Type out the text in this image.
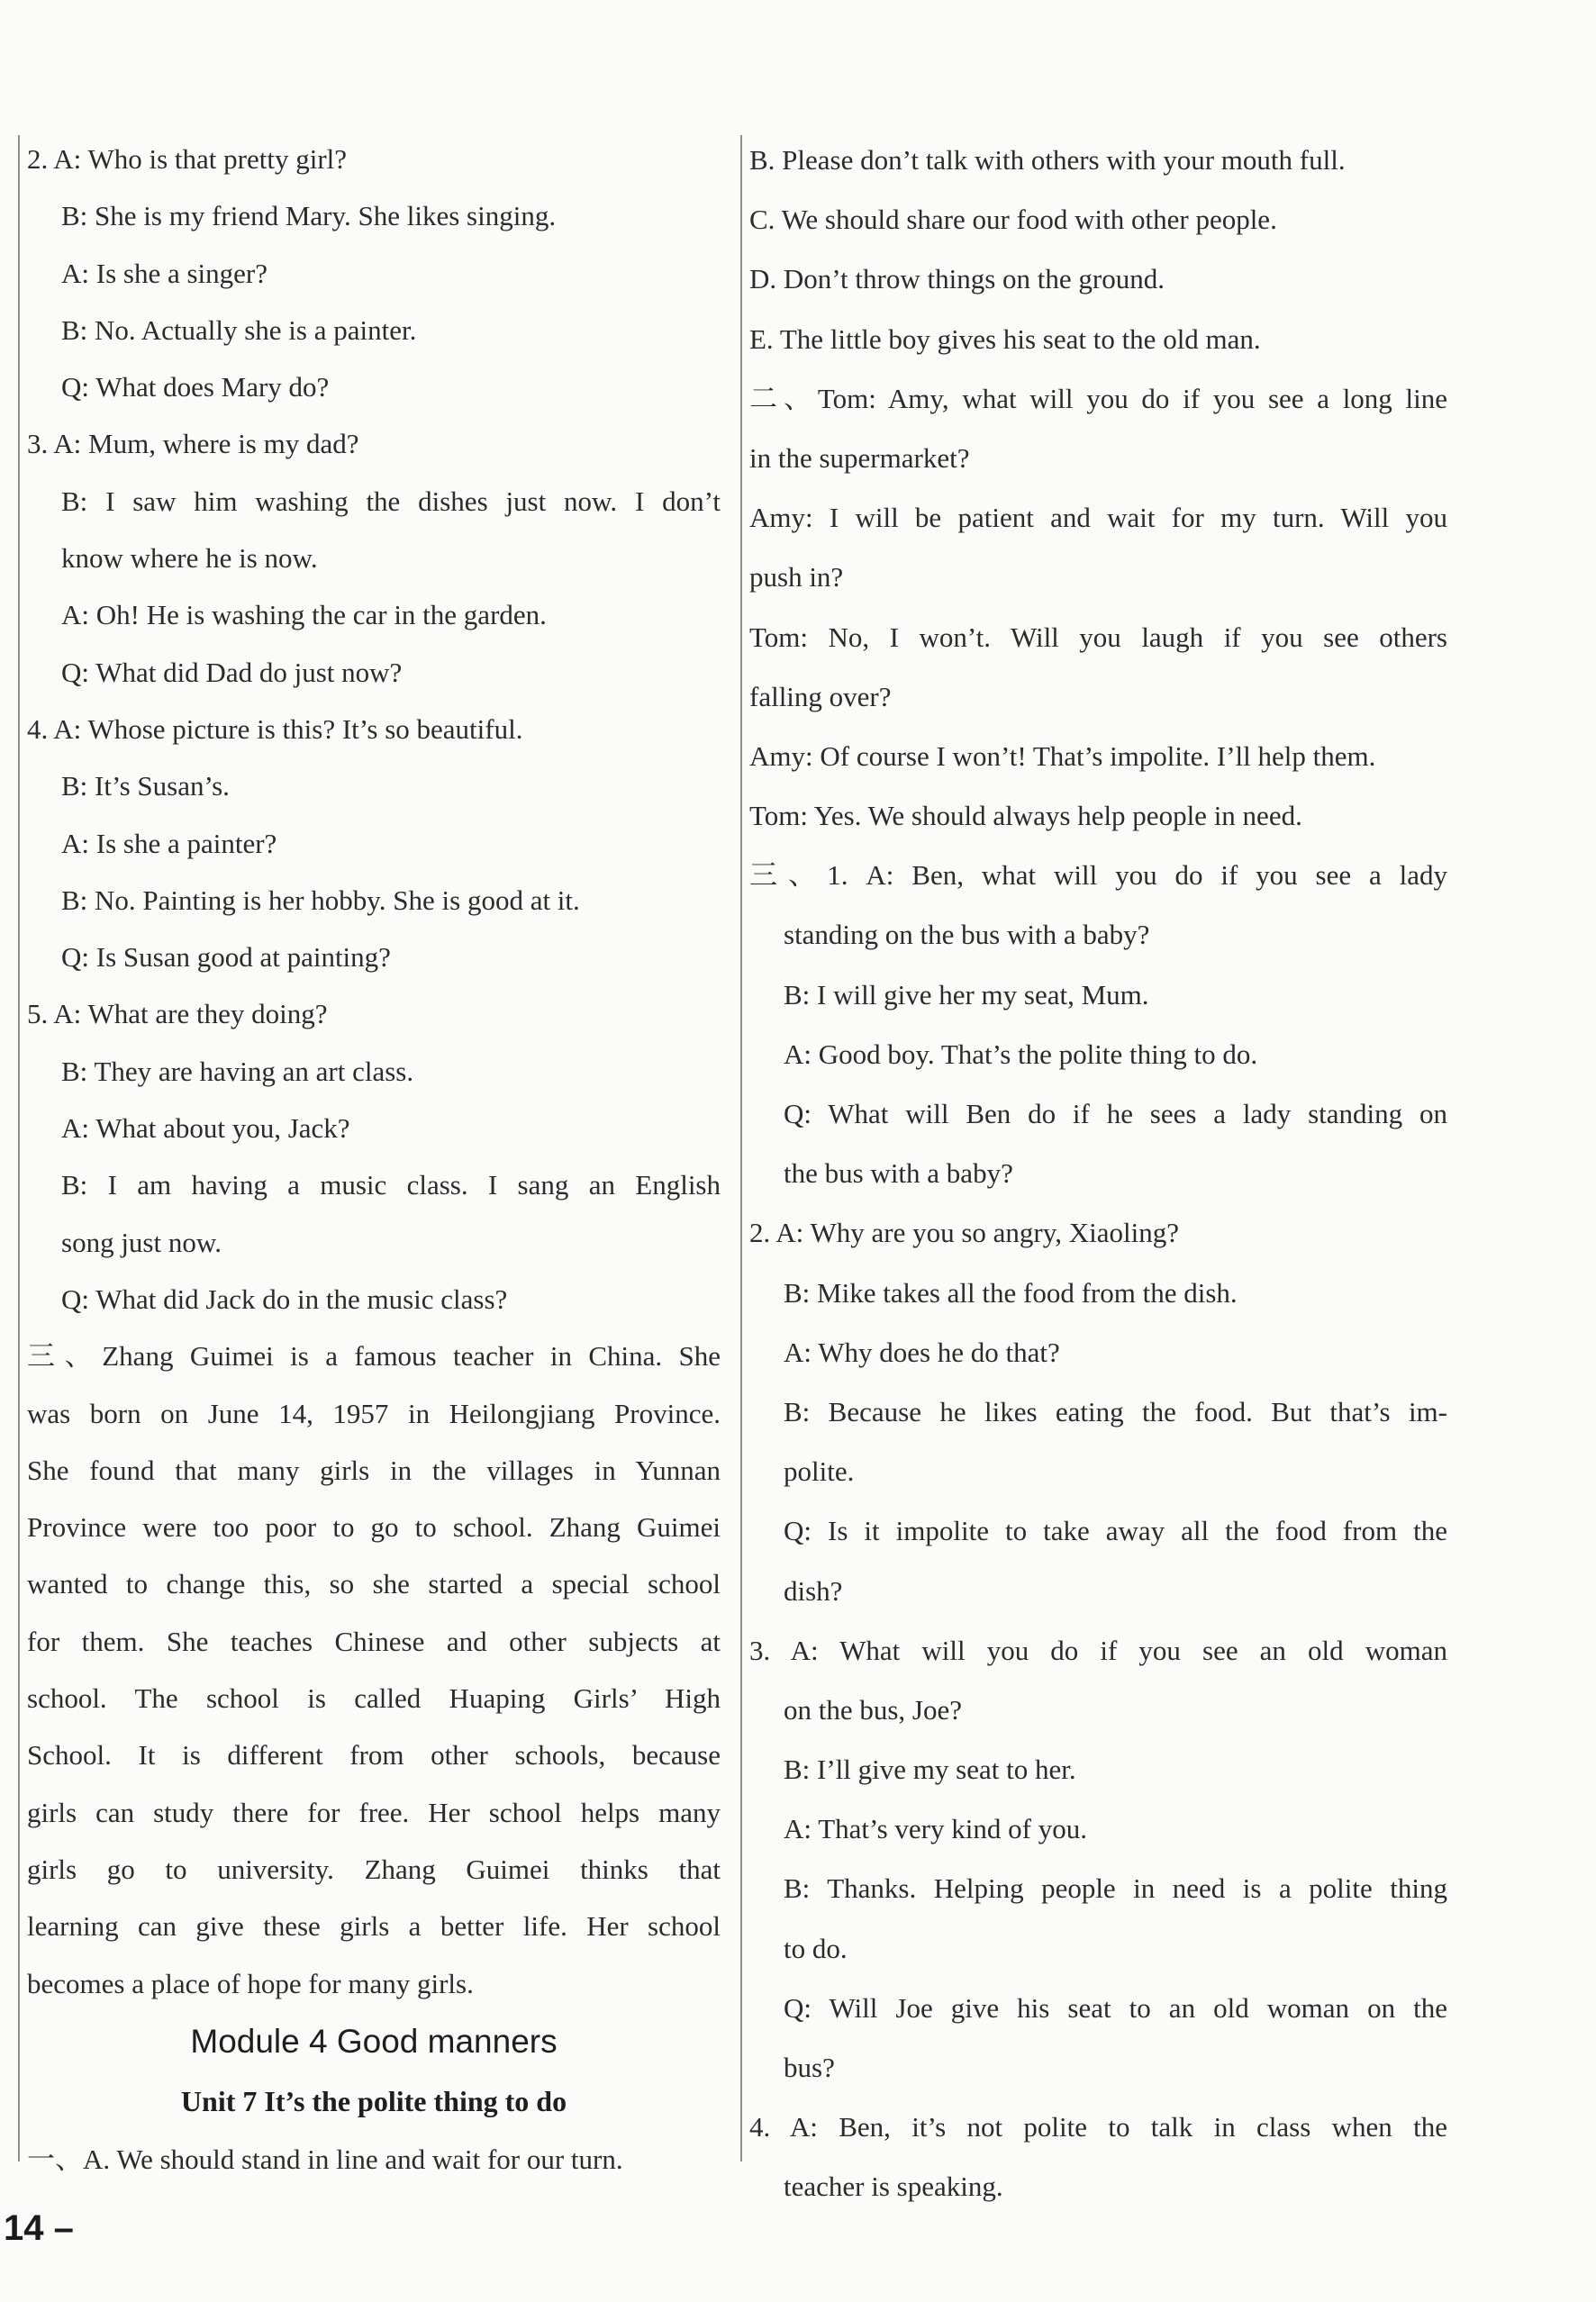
2. A: Who is that pretty girl?
B: She is my friend Mary. She likes singing.
A: Is she a singer?
B: No. Actually she is a painter.
Q: What does Mary do?
3. A: Mum, where is my dad?
B: I saw him washing the dishes just now. I don’t
know where he is now.
A: Oh! He is washing the car in the garden.
Q: What did Dad do just now?
4. A: Whose picture is this? It’s so beautiful.
B: It’s Susan’s.
A: Is she a painter?
B: No. Painting is her hobby. She is good at it.
Q: Is Susan good at painting?
5. A: What are they doing?
B: They are having an art class.
A: What about you, Jack?
B: I am having a music class. I sang an English
song just now.
Q: What did Jack do in the music class?
三、Zhang Guimei is a famous teacher in China. She
was born on June 14, 1957 in Heilongjiang Province.
She found that many girls in the villages in Yunnan
Province were too poor to go to school. Zhang Guimei
wanted to change this, so she started a special school
for them. She teaches Chinese and other subjects at
school. The school is called Huaping Girls’ High
School. It is different from other schools, because
girls can study there for free. Her school helps many
girls go to university. Zhang Guimei thinks that
learning can give these girls a better life. Her school
becomes a place of hope for many girls.
Module 4 Good manners
Unit 7 It’s the polite thing to do
一、A. We should stand in line and wait for our turn.
B. Please don’t talk with others with your mouth full.
C. We should share our food with other people.
D. Don’t throw things on the ground.
E. The little boy gives his seat to the old man.
二、Tom: Amy, what will you do if you see a long line
in the supermarket?
Amy: I will be patient and wait for my turn. Will you
push in?
Tom: No, I won’t. Will you laugh if you see others
falling over?
Amy: Of course I won’t! That’s impolite. I’ll help them.
Tom: Yes. We should always help people in need.
三、1. A: Ben, what will you do if you see a lady
standing on the bus with a baby?
B: I will give her my seat, Mum.
A: Good boy. That’s the polite thing to do.
Q: What will Ben do if he sees a lady standing on
the bus with a baby?
2. A: Why are you so angry, Xiaoling?
B: Mike takes all the food from the dish.
A: Why does he do that?
B: Because he likes eating the food. But that’s im-
polite.
Q: Is it impolite to take away all the food from the
dish?
3. A: What will you do if you see an old woman
on the bus, Joe?
B: I’ll give my seat to her.
A: That’s very kind of you.
B: Thanks. Helping people in need is a polite thing
to do.
Q: Will Joe give his seat to an old woman on the
bus?
4. A: Ben, it’s not polite to talk in class when the
teacher is speaking.
14 –
